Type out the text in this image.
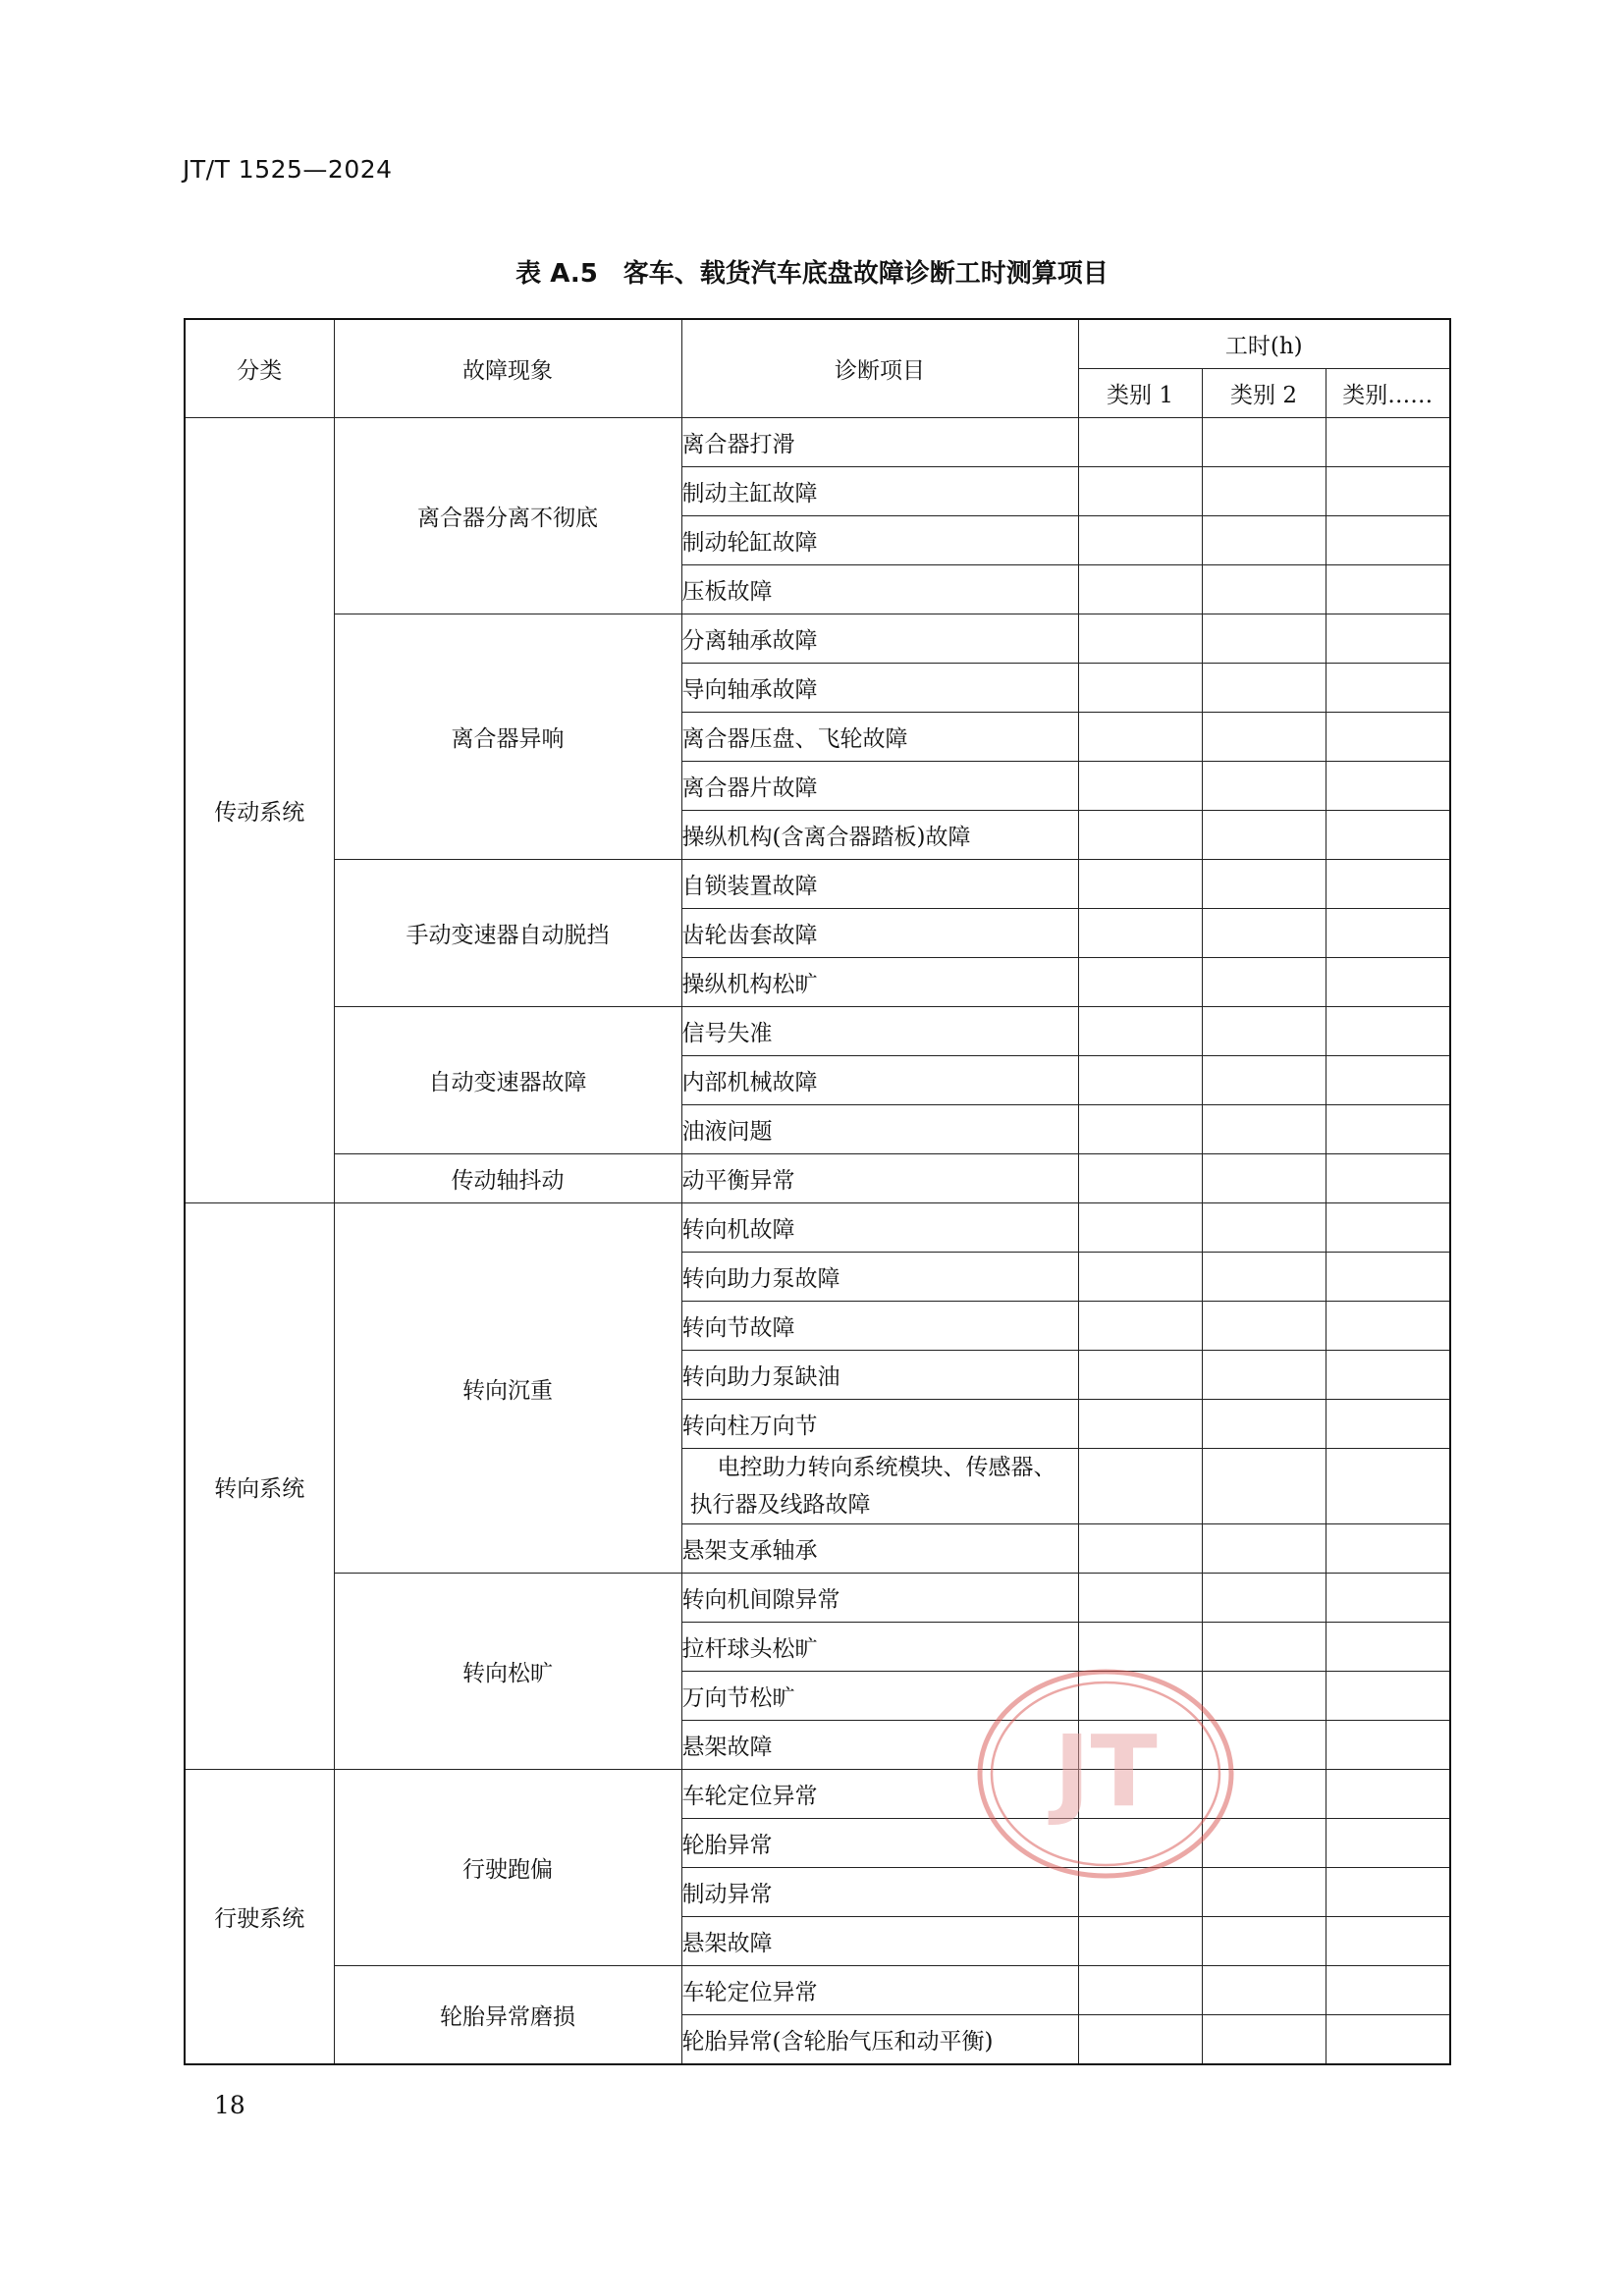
JT/T 1525—2024
表 A.5 客车、载货汽车底盘故障诊断工时测算项目
分类	故障现象	诊断项目	工时(h)		
			类别 1	类别 2	类别……
传动系统	离合器分离不彻底	离合器打滑			
		制动主缸故障			
		制动轮缸故障			
		压板故障			
	离合器异响	分离轴承故障			
		导向轴承故障			
		离合器压盘、飞轮故障			
		离合器片故障			
		操纵机构(含离合器踏板)故障			
	手动变速器自动脱挡	自锁装置故障			
		齿轮齿套故障			
		操纵机构松旷			
	自动变速器故障	信号失准			
		内部机械故障			
		油液问题			
	传动轴抖动	动平衡异常			
转向系统	转向沉重	转向机故障			
		转向助力泵故障			
		转向节故障			
		转向助力泵缺油			
		转向柱万向节			
		电控助力转向系统模块、传感器、
执行器及线路故障			
		悬架支承轴承			
	转向松旷	转向机间隙异常			
		拉杆球头松旷			
		万向节松旷			
		悬架故障			
行驶系统	行驶跑偏	车轮定位异常			
		轮胎异常			
		制动异常			
		悬架故障			
	轮胎异常磨损	车轮定位异常			
		轮胎异常(含轮胎气压和动平衡)			
JT
18
